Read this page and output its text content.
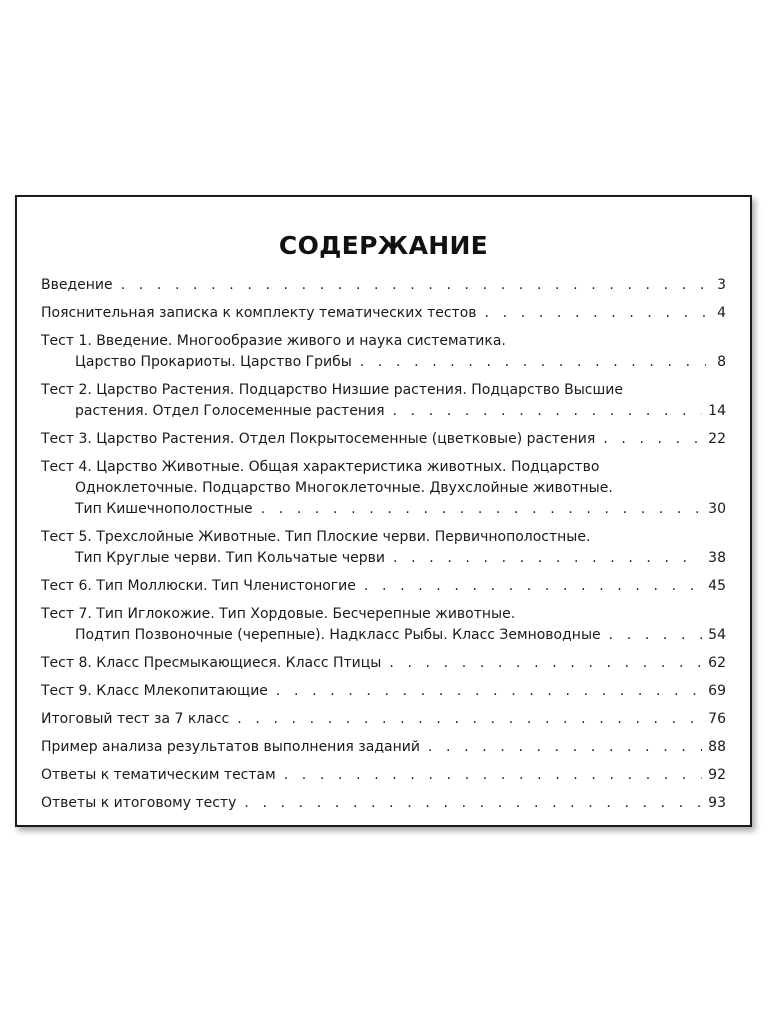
СОДЕРЖАНИЕ
Введение . . .	3
Пояснительная записка к комплекту тематических тестов . . .	4
Тест 1. Введение. Многообразие живого и наука систематика.
Царство Прокариоты. Царство Грибы . . .	8
Тест 2. Царство Растения. Подцарство Низшие растения. Подцарство Высшие
растения. Отдел Голосеменные растения . . .	14
Тест 3. Царство Растения. Отдел Покрытосеменные (цветковые) растения . . .	22
Тест 4. Царство Животные. Общая характеристика животных. Подцарство
Одноклеточные. Подцарство Многоклеточные. Двухслойные животные.
Тип Кишечнополостные . . .	30
Тест 5. Трехслойные Животные. Тип Плоские черви. Первичнополостные.
Тип Круглые черви. Тип Кольчатые черви . . .	38
Тест 6. Тип Моллюски. Тип Членистоногие . . .	45
Тест 7. Тип Иглокожие. Тип Хордовые. Бесчерепные животные.
Подтип Позвоночные (черепные). Надкласс Рыбы. Класс Земноводные . . .	54
Тест 8. Класс Пресмыкающиеся. Класс Птицы . . .	62
Тест 9. Класс Млекопитающие . . .	69
Итоговый тест за 7 класс . . .	76
Пример анализа результатов выполнения заданий . . .	88
Ответы к тематическим тестам . . .	92
Ответы к итоговому тесту . . .	93
